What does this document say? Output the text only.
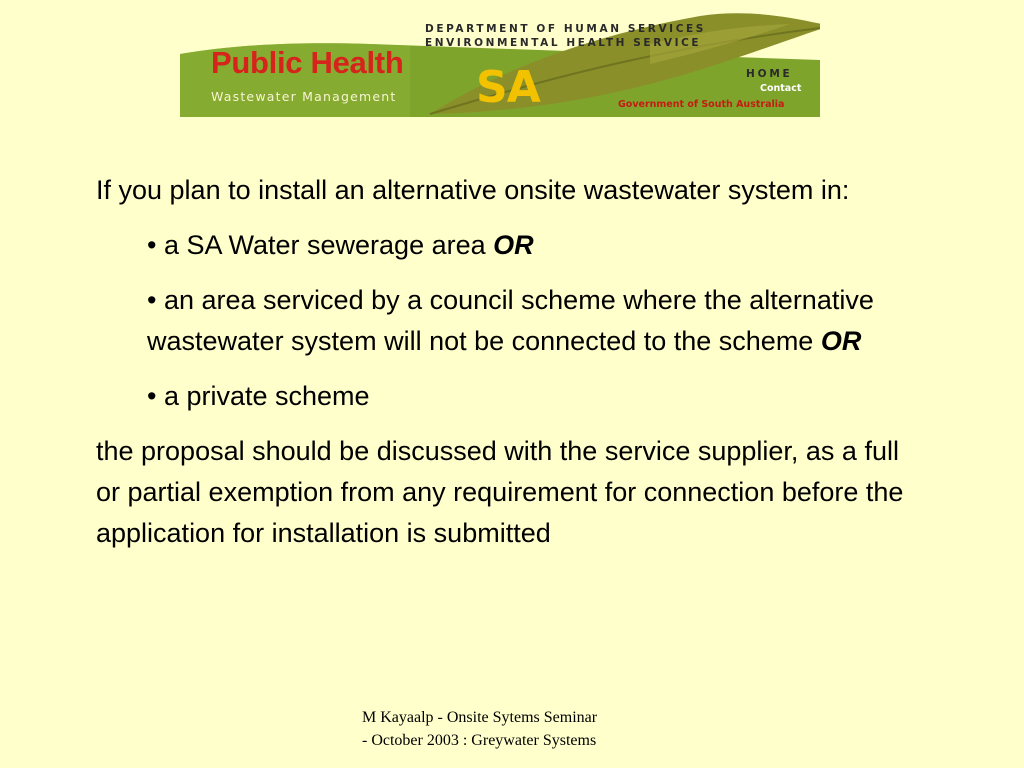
DEPARTMENT OF HUMAN SERVICES
ENVIRONMENTAL HEALTH SERVICE
Public Health
Wastewater Management SA	HOME
Contact
Government of South Australia

If you plan to install an alternative onsite wastewater system in:

• a SA Water sewerage area OR

• an area serviced by a council scheme where the alternative wastewater system will not be connected to the scheme OR

• a private scheme

the proposal should be discussed with the service supplier, as a full or partial exemption from any requirement for connection before the application for installation is submitted

M Kayaalp - Onsite Sytems Seminar
- October 2003 : Greywater Systems
